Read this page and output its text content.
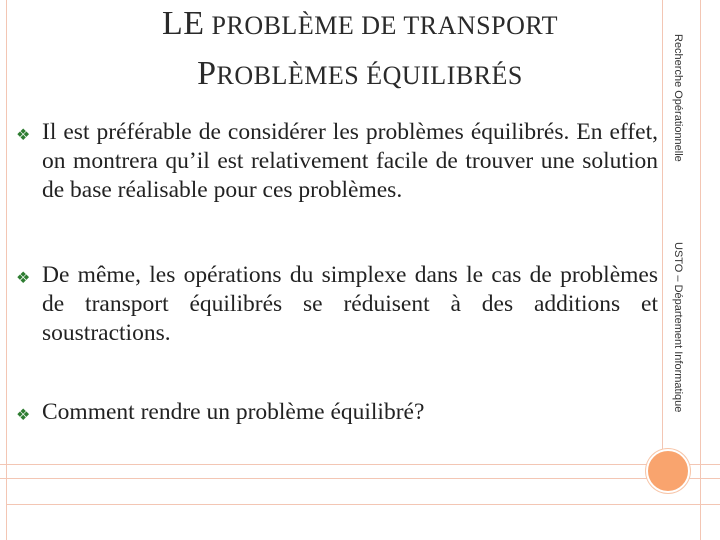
LE PROBLÈME DE TRANSPORT
PROBLÈMES ÉQUILIBRÉS
❖ Il est préférable de considérer les problèmes équilibrés. En effet, on montrera qu’il est relativement facile de trouver une solution de base réalisable pour ces problèmes.
❖ De même, les opérations du simplexe dans le cas de problèmes de transport équilibrés se réduisent à des additions et soustractions.
❖ Comment rendre un problème équilibré?
Recherche Opérationnelle
USTO – Département Informatique
